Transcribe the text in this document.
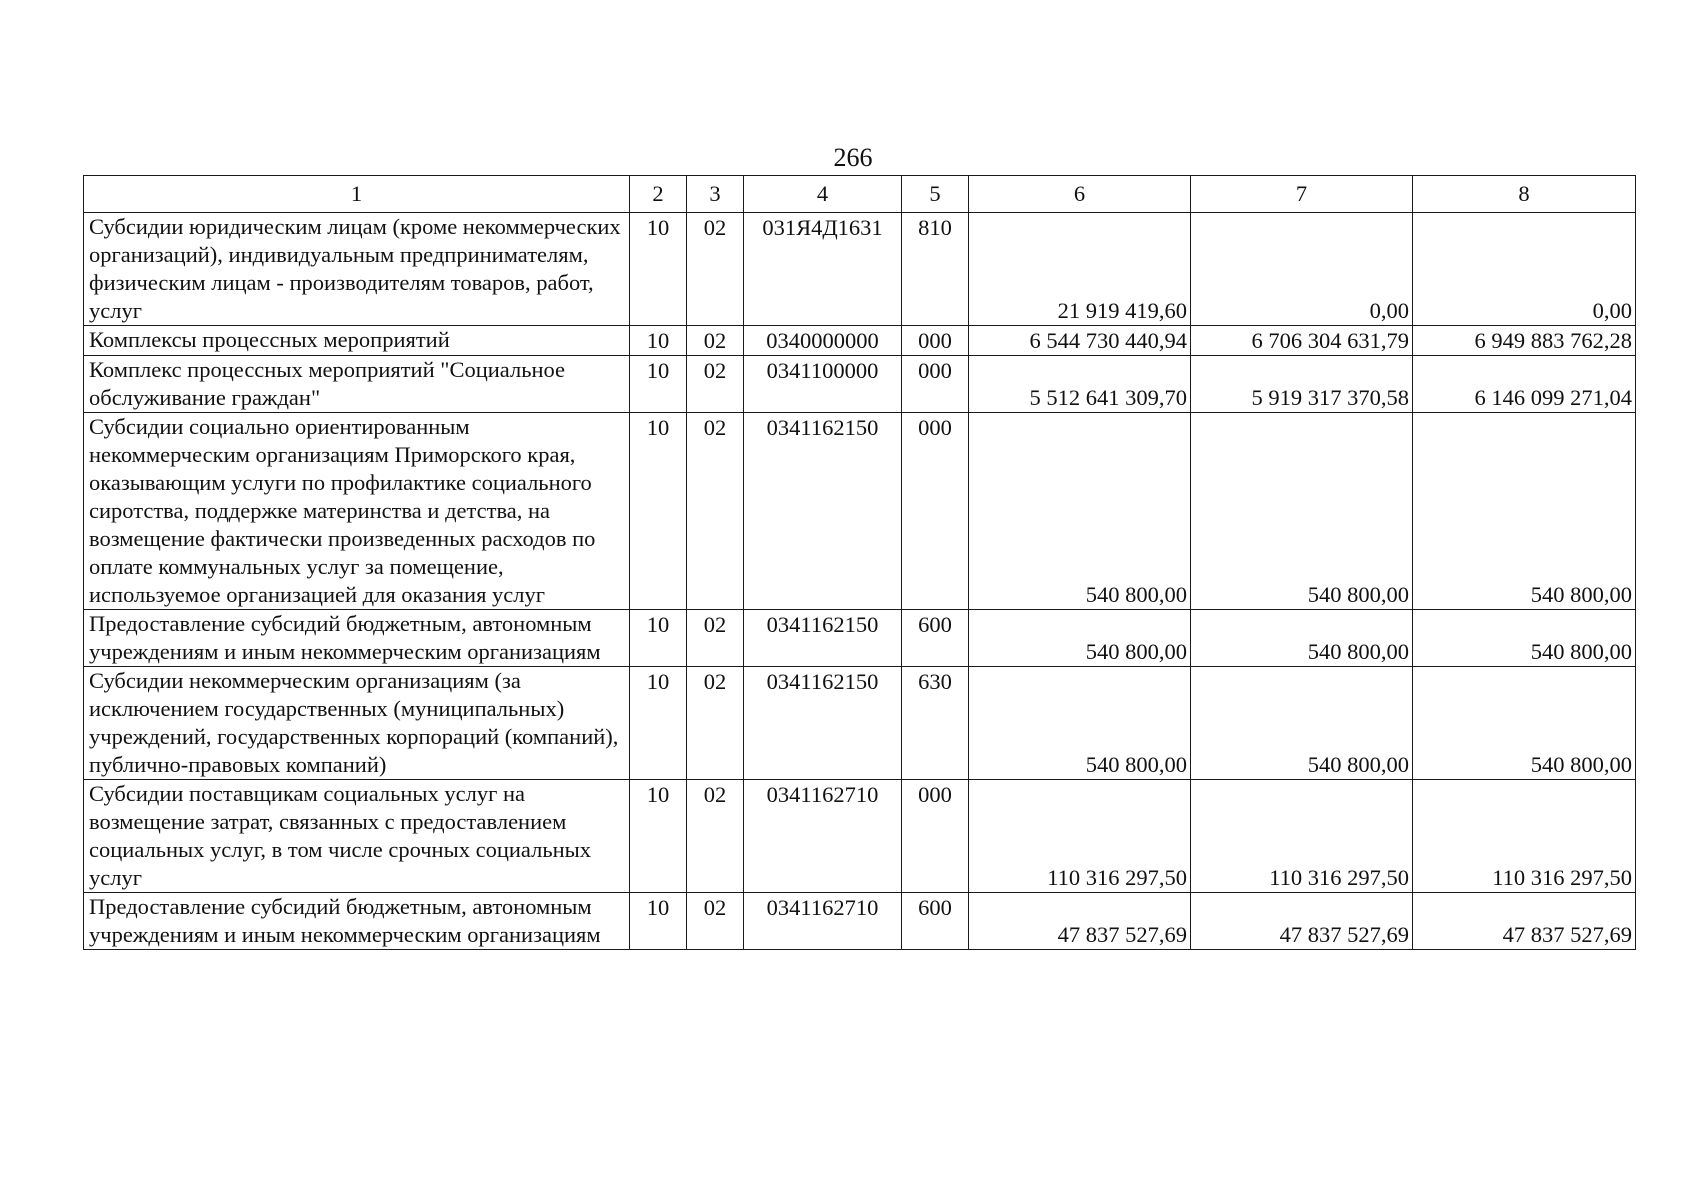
266
1	2	3	4	5	6	7	8
Субсидии юридическим лицам (кроме некоммерческих организаций), индивидуальным предпринимателям, физическим лицам - производителям товаров, работ, услуг	10	02	031Я4Д1631	810	21 919 419,60	0,00	0,00
Комплексы процессных мероприятий	10	02	0340000000	000	6 544 730 440,94	6 706 304 631,79	6 949 883 762,28
Комплекс процессных мероприятий "Социальное обслуживание граждан"	10	02	0341100000	000	5 512 641 309,70	5 919 317 370,58	6 146 099 271,04
Субсидии социально ориентированным некоммерческим организациям Приморского края, оказывающим услуги по профилактике социального сиротства, поддержке материнства и детства, на возмещение фактически произведенных расходов по оплате коммунальных услуг за помещение, используемое организацией для оказания услуг	10	02	0341162150	000	540 800,00	540 800,00	540 800,00
Предоставление субсидий бюджетным, автономным учреждениям и иным некоммерческим организациям	10	02	0341162150	600	540 800,00	540 800,00	540 800,00
Субсидии некоммерческим организациям (за исключением государственных (муниципальных) учреждений, государственных корпораций (компаний), публично-правовых компаний)	10	02	0341162150	630	540 800,00	540 800,00	540 800,00
Субсидии поставщикам социальных услуг на возмещение затрат, связанных с предоставлением социальных услуг, в том числе срочных социальных услуг	10	02	0341162710	000	110 316 297,50	110 316 297,50	110 316 297,50
Предоставление субсидий бюджетным, автономным учреждениям и иным некоммерческим организациям	10	02	0341162710	600	47 837 527,69	47 837 527,69	47 837 527,69
